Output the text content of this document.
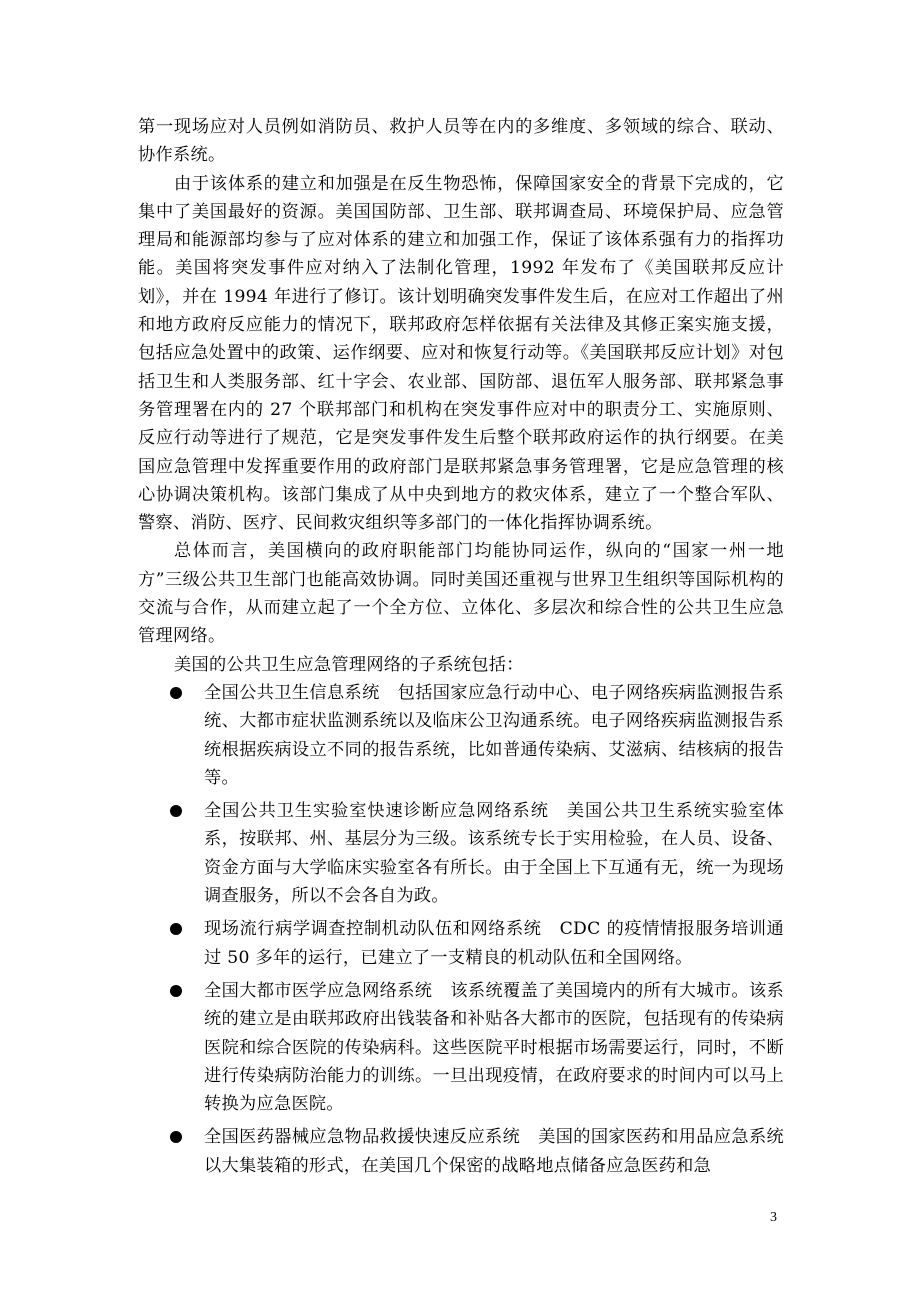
第一现场应对人员例如消防员、救护人员等在内的多维度、多领域的综合、联动、协作系统。

由于该体系的建立和加强是在反生物恐怖，保障国家安全的背景下完成的，它集中了美国最好的资源。美国国防部、卫生部、联邦调查局、环境保护局、应急管理局和能源部均参与了应对体系的建立和加强工作，保证了该体系强有力的指挥功能。美国将突发事件应对纳入了法制化管理，1992 年发布了《美国联邦反应计划》，并在 1994 年进行了修订。该计划明确突发事件发生后，在应对工作超出了州和地方政府反应能力的情况下，联邦政府怎样依据有关法律及其修正案实施支援，包括应急处置中的政策、运作纲要、应对和恢复行动等。《美国联邦反应计划》对包括卫生和人类服务部、红十字会、农业部、国防部、退伍军人服务部、联邦紧急事务管理署在内的 27 个联邦部门和机构在突发事件应对中的职责分工、实施原则、反应行动等进行了规范，它是突发事件发生后整个联邦政府运作的执行纲要。在美国应急管理中发挥重要作用的政府部门是联邦紧急事务管理署，它是应急管理的核心协调决策机构。该部门集成了从中央到地方的救灾体系，建立了一个整合军队、警察、消防、医疗、民间救灾组织等多部门的一体化指挥协调系统。

总体而言，美国横向的政府职能部门均能协同运作，纵向的“国家一州一地方”三级公共卫生部门也能高效协调。同时美国还重视与世界卫生组织等国际机构的交流与合作，从而建立起了一个全方位、立体化、多层次和综合性的公共卫生应急管理网络。

美国的公共卫生应急管理网络的子系统包括：

全国公共卫生信息系统 包括国家应急行动中心、电子网络疾病监测报告系统、大都市症状监测系统以及临床公卫沟通系统。电子网络疾病监测报告系统根据疾病设立不同的报告系统，比如普通传染病、艾滋病、结核病的报告等。
全国公共卫生实验室快速诊断应急网络系统 美国公共卫生系统实验室体系，按联邦、州、基层分为三级。该系统专长于实用检验，在人员、设备、资金方面与大学临床实验室各有所长。由于全国上下互通有无，统一为现场调查服务，所以不会各自为政。
现场流行病学调查控制机动队伍和网络系统 CDC 的疫情情报服务培训通过 50 多年的运行，已建立了一支精良的机动队伍和全国网络。
全国大都市医学应急网络系统 该系统覆盖了美国境内的所有大城市。该系统的建立是由联邦政府出钱装备和补贴各大都市的医院，包括现有的传染病医院和综合医院的传染病科。这些医院平时根据市场需要运行，同时，不断进行传染病防治能力的训练。一旦出现疫情，在政府要求的时间内可以马上转换为应急医院。
全国医药器械应急物品救援快速反应系统 美国的国家医药和用品应急系统以大集装箱的形式，在美国几个保密的战略地点储备应急医药和急
3
